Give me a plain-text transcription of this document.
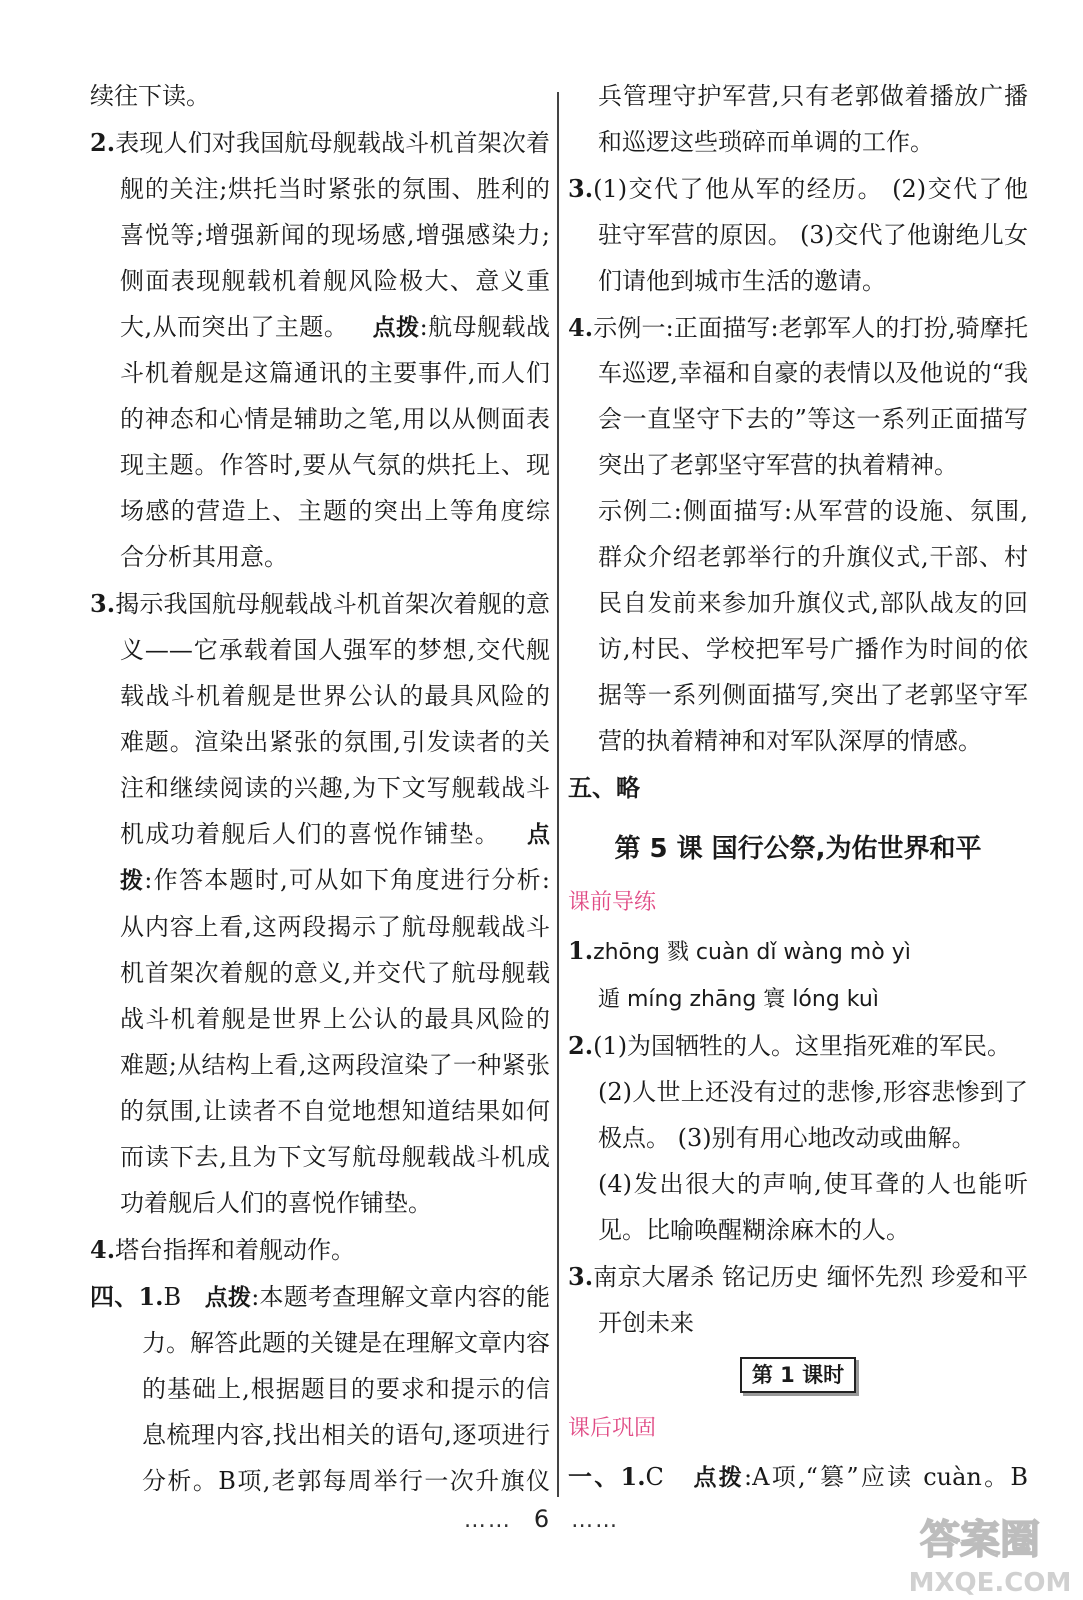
续往下读。

2.表现人们对我国航母舰载战斗机首架次着舰的关注;烘托当时紧张的氛围、胜利的喜悦等;增强新闻的现场感,增强感染力;侧面表现舰载机着舰风险极大、意义重大,从而突出了主题。 点拨:航母舰载战斗机着舰是这篇通讯的主要事件,而人们的神态和心情是辅助之笔,用以从侧面表现主题。作答时,要从气氛的烘托上、现场感的营造上、主题的突出上等角度综合分析其用意。

3.揭示我国航母舰载战斗机首架次着舰的意义——它承载着国人强军的梦想,交代舰载战斗机着舰是世界公认的最具风险的难题。渲染出紧张的氛围,引发读者的关注和继续阅读的兴趣,为下文写舰载战斗机成功着舰后人们的喜悦作铺垫。 点拨:作答本题时,可从如下角度进行分析:从内容上看,这两段揭示了航母舰载战斗机首架次着舰的意义,并交代了航母舰载战斗机着舰是世界上公认的最具风险的难题;从结构上看,这两段渲染了一种紧张的氛围,让读者不自觉地想知道结果如何而读下去,且为下文写航母舰载战斗机成功着舰后人们的喜悦作铺垫。

4.塔台指挥和着舰动作。

四、1.B 点拨:本题考查理解文章内容的能力。解答此题的关键是在理解文章内容的基础上,根据题目的要求和提示的信息梳理内容,找出相关的语句,逐项进行分析。B项,老郭每周举行一次升旗仪

兵管理守护军营,只有老郭做着播放广播和巡逻这些琐碎而单调的工作。

3.(1)交代了他从军的经历。 (2)交代了他驻守军营的原因。 (3)交代了他谢绝儿女们请他到城市生活的邀请。

4.示例一:正面描写:老郭军人的打扮,骑摩托车巡逻,幸福和自豪的表情以及他说的“我会一直坚守下去的”等这一系列正面描写突出了老郭坚守军营的执着精神。

示例二:侧面描写:从军营的设施、氛围,群众介绍老郭举行的升旗仪式,干部、村民自发前来参加升旗仪式,部队战友的回访,村民、学校把军号广播作为时间的依据等一系列侧面描写,突出了老郭坚守军营的执着精神和对军队深厚的情感。

五、略

第 5 课 国行公祭,为佑世界和平
课前导练

1.zhōng 戮 cuàn dǐ wàng mò yì

遁 míng zhāng 寰 lóng kuì

2.(1)为国牺牲的人。这里指死难的军民。

(2)人世上还没有过的悲惨,形容悲惨到了极点。 (3)别有用心地改动或曲解。

(4)发出很大的声响,使耳聋的人也能听见。比喻唤醒糊涂麻木的人。

3.南京大屠杀 铭记历史 缅怀先烈 珍爱和平 开创未来

第 1 课时
课后巩固

一、1.C 点拨:A项,“篡”应读 cuàn。B

…… 6 ……	答案圈
MXQE.COM
